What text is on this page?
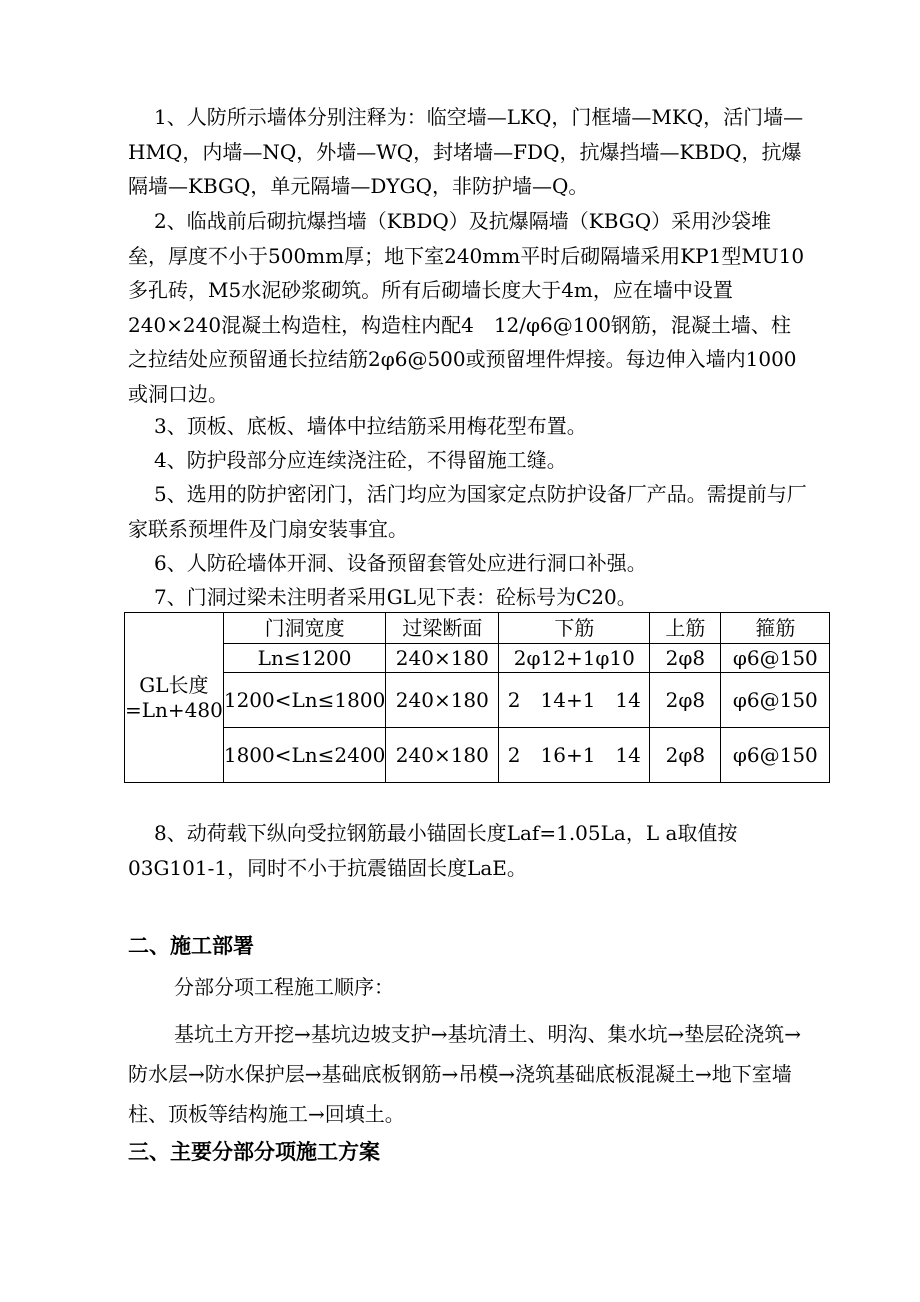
1、人防所示墙体分别注释为：临空墙—LKQ，门框墙—MKQ，活门墙—HMQ，内墙—NQ，外墙—WQ，封堵墙—FDQ，抗爆挡墙—KBDQ，抗爆隔墙—KBGQ，单元隔墙—DYGQ，非防护墙—Q。

2、临战前后砌抗爆挡墙（KBDQ）及抗爆隔墙（KBGQ）采用沙袋堆垒，厚度不小于500mm厚；地下室240mm平时后砌隔墙采用KP1型MU10多孔砖，M5水泥砂浆砌筑。所有后砌墙长度大于4m，应在墙中设置240×240混凝土构造柱，构造柱内配4　12/φ6@100钢筋，混凝土墙、柱之拉结处应预留通长拉结筋2φ6@500或预留埋件焊接。每边伸入墙内1000或洞口边。

3、顶板、底板、墙体中拉结筋采用梅花型布置。

4、防护段部分应连续浇注砼，不得留施工缝。

5、选用的防护密闭门，活门均应为国家定点防护设备厂产品。需提前与厂家联系预埋件及门扇安装事宜。

6、人防砼墙体开洞、设备预留套管处应进行洞口补强。

7、门洞过梁未注明者采用GL见下表：砼标号为C20。

GL长度=Ln+480	门洞宽度	过梁断面	下筋	上筋	箍筋
	Ln≤1200	240×180	2φ12+1φ10	2φ8	φ6@150
	1200<Ln≤1800	240×180	2　14+1　14	2φ8	φ6@150
	1800<Ln≤2400	240×180	2　16+1　14	2φ8	φ6@150

8、动荷载下纵向受拉钢筋最小锚固长度Laf=1.05La，L a取值按03G101-1，同时不小于抗震锚固长度LaE。

二、施工部署

分部分项工程施工顺序：

基坑土方开挖→基坑边坡支护→基坑清土、明沟、集水坑→垫层砼浇筑→防水层→防水保护层→基础底板钢筋→吊模→浇筑基础底板混凝土→地下室墙柱、顶板等结构施工→回填土。

三、主要分部分项施工方案
